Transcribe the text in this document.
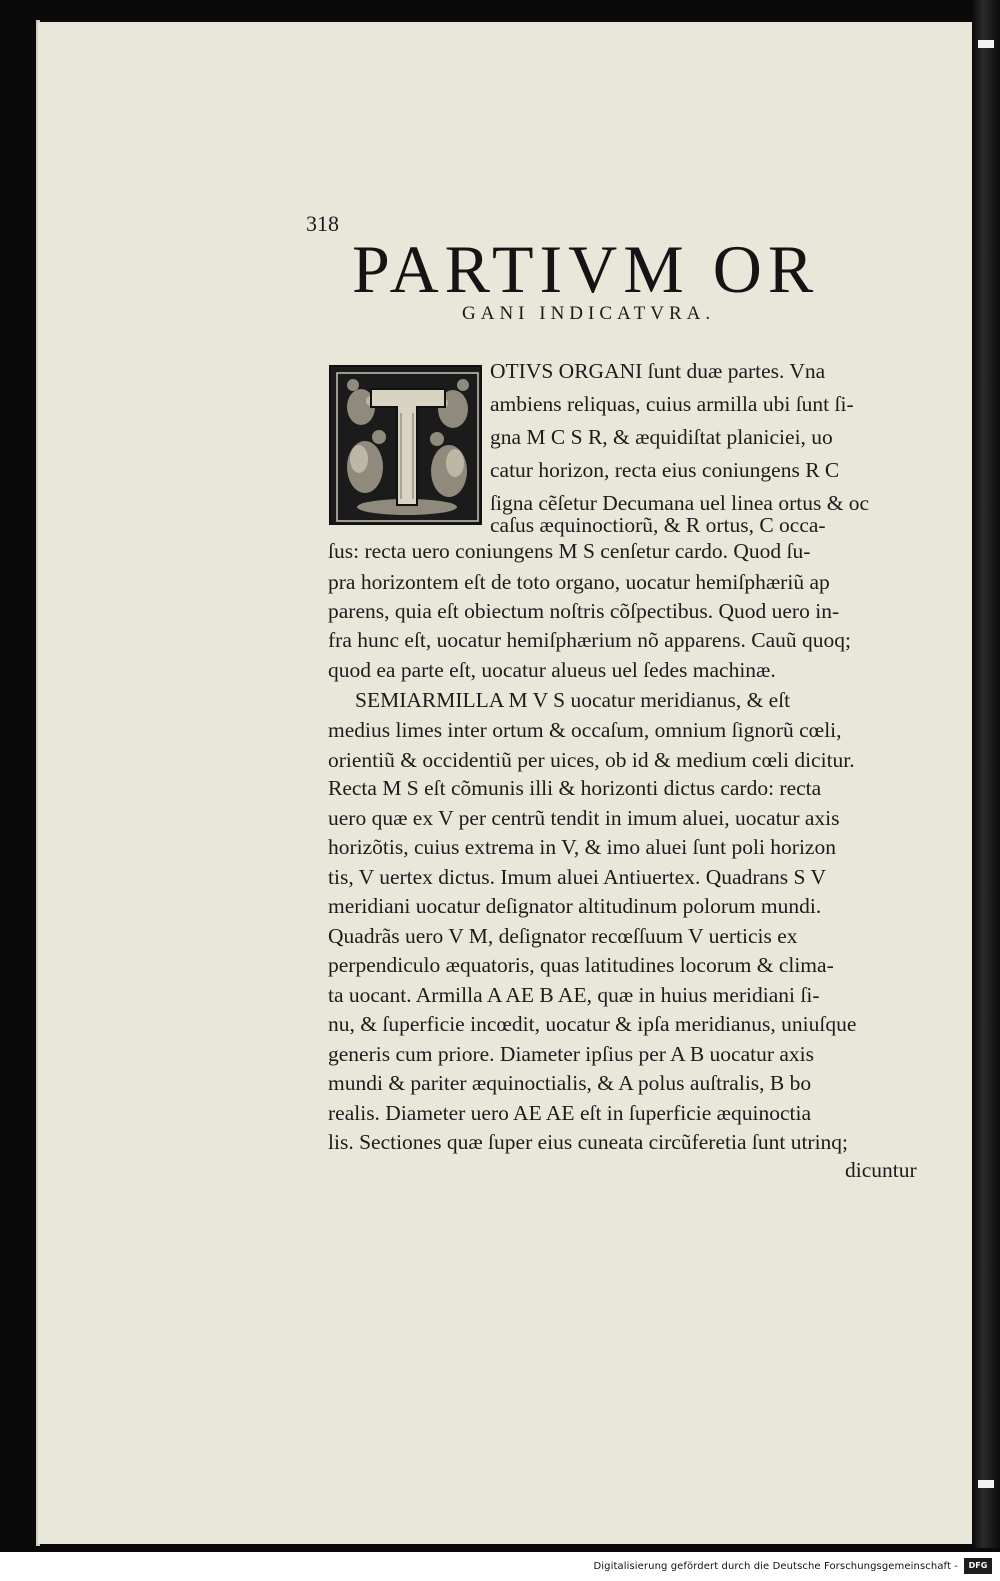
318
PARTIVM OR
GANI INDICATVRA.
OTIVS ORGANI ſunt duæ partes. Vna
ambiens reliquas, cuius armilla ubi ſunt ſi-
gna M C S R, & æquidiſtat planiciei, uo
catur horizon, recta eius coniungens R C
ſigna cẽſetur Decumana uel linea ortus & oc
caſus æquinoctiorũ, & R ortus, C occa-
ſus: recta uero coniungens M S cenſetur cardo. Quod ſu-
pra horizontem eſt de toto organo, uocatur hemiſphæriũ ap
parens, quia eſt obiectum noſtris cõſpectibus. Quod uero in-
fra hunc eſt, uocatur hemiſphærium nõ apparens. Cauũ quoq;
quod ea parte eſt, uocatur alueus uel ſedes machinæ.
SEMIARMILLA M V S uocatur meridianus, & eſt
medius limes inter ortum & occaſum, omnium ſignorũ cœli,
orientiũ & occidentiũ per uices, ob id & medium cœli dicitur.
Recta M S eſt cõmunis illi & horizonti dictus cardo: recta
uero quæ ex V per centrũ tendit in imum aluei, uocatur axis
horizõtis, cuius extrema in V, & imo aluei ſunt poli horizon
tis, V uertex dictus. Imum aluei Antiuertex. Quadrans S V
meridiani uocatur deſignator altitudinum polorum mundi.
Quadrãs uero V M, deſignator recœſſuum V uerticis ex
perpendiculo æquatoris, quas latitudines locorum & clima-
ta uocant. Armilla A AE B AE, quæ in huius meridiani ſi-
nu, & ſuperficie incœdit, uocatur & ipſa meridianus, uniuſque
generis cum priore. Diameter ipſius per A B uocatur axis
mundi & pariter æquinoctialis, & A polus auſtralis, B bo
realis. Diameter uero AE AE eſt in ſuperficie æquinoctia
lis. Sectiones quæ ſuper eius cuneata circũferetia ſunt utrinq;
dicuntur
Digitalisierung gefördert durch die Deutsche Forschungsgemeinschaft -	DFG
